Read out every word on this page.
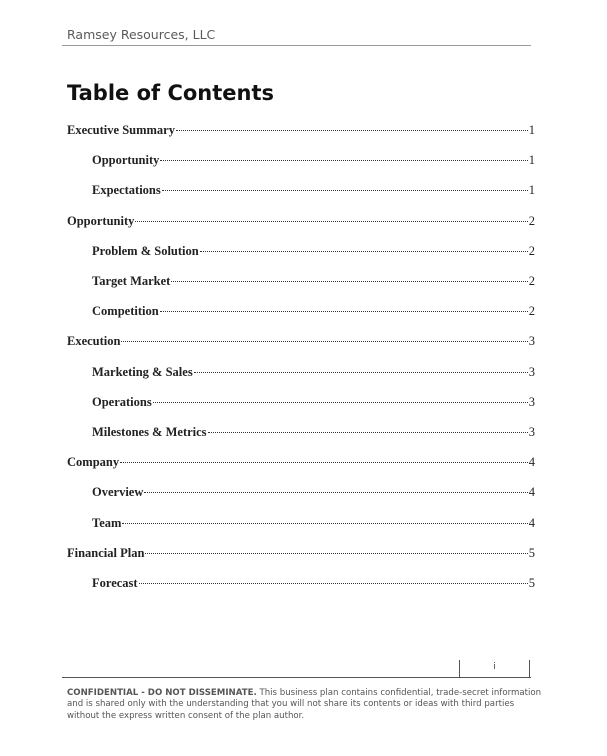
Ramsey Resources, LLC
Table of Contents
Executive Summary	1
Opportunity	1
Expectations	1
Opportunity	2
Problem & Solution	2
Target Market	2
Competition	2
Execution	3
Marketing & Sales	3
Operations	3
Milestones & Metrics	3
Company	4
Overview	4
Team	4
Financial Plan	5
Forecast	5
i
CONFIDENTIAL - DO NOT DISSEMINATE. This business plan contains confidential, trade-secret information and is shared only with the understanding that you will not share its contents or ideas with third parties without the express written consent of the plan author.
